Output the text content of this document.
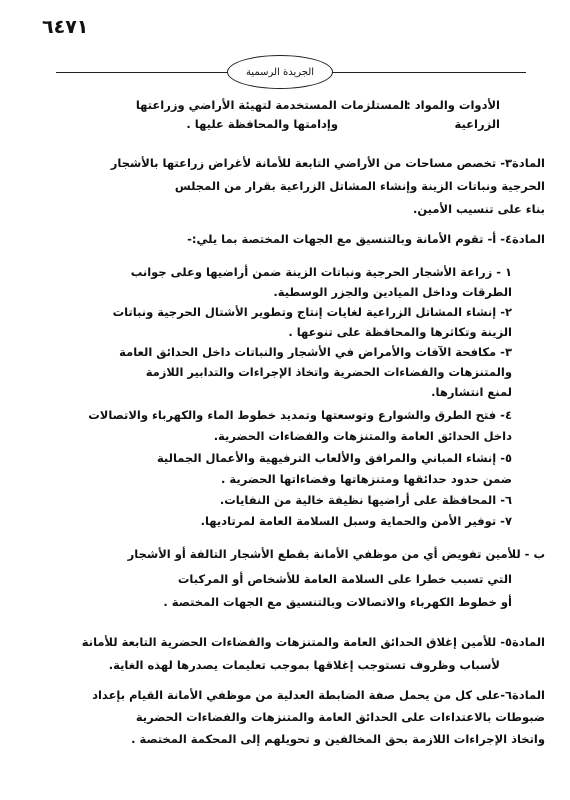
٦٤٧١
الجريدة الرسمية
الأدوات والمواد :
المستلزمات المستخدمة لتهيئة الأراضي وزراعتها
الزراعية
وإدامتها والمحافظة عليها .
المادة٣- تخصص مساحات من الأراضي التابعة للأمانة لأغراض زراعتها بالأشجار
الحرجية ونباتات الزينة وإنشاء المشاتل الزراعية بقرار من المجلس
بناء على تنسيب الأمين.
المادة٤- أ- تقوم الأمانة وبالتنسيق مع الجهات المختصة بما يلي:-
١ - زراعة الأشجار الحرجية ونباتات الزينة ضمن أراضيها وعلى جوانب
الطرقات وداخل الميادين والجزر الوسطية.
٢- إنشاء المشاتل الزراعية لغايات إنتاج وتطوير الأشتال الحرجية ونباتات
الزينة وتكاثرها والمحافظة على تنوعها .
٣- مكافحة الآفات والأمراض في الأشجار والنباتات داخل الحدائق العامة
والمتنزهات والفضاءات الحضرية واتخاذ الإجراءات والتدابير اللازمة
لمنع انتشارها.
٤- فتح الطرق والشوارع وتوسعتها وتمديد خطوط الماء والكهرباء والاتصالات
داخل الحدائق العامة والمتنزهات والفضاءات الحضرية.
٥- إنشاء المباني والمرافق والألعاب الترفيهية والأعمال الجمالية
ضمن حدود حدائقها ومتنزهاتها وفضاءاتها الحضرية .
٦- المحافظة على أراضيها نظيفة خالية من النفايات.
٧- توفير الأمن والحماية وسبل السلامة العامة لمرتاديها.
ب - للأمين تفويض أي من موظفي الأمانة بقطع الأشجار التالفة أو الأشجار
التي تسبب خطرا على السلامة العامة للأشخاص أو المركبات
أو خطوط الكهرباء والاتصالات وبالتنسيق مع الجهات المختصة .
المادة٥- للأمين إغلاق الحدائق العامة والمتنزهات والفضاءات الحضرية التابعة للأمانة
لأسباب وظروف تستوجب إغلاقها بموجب تعليمات يصدرها لهذه الغاية.
المادة٦-على كل من يحمل صفة الضابطة العدلية من موظفي الأمانة القيام بإعداد
ضبوطات بالاعتداءات على الحدائق العامة والمتنزهات والفضاءات الحضرية
واتخاذ الإجراءات اللازمة بحق المخالفين و تحويلهم إلى المحكمة المختصة .
